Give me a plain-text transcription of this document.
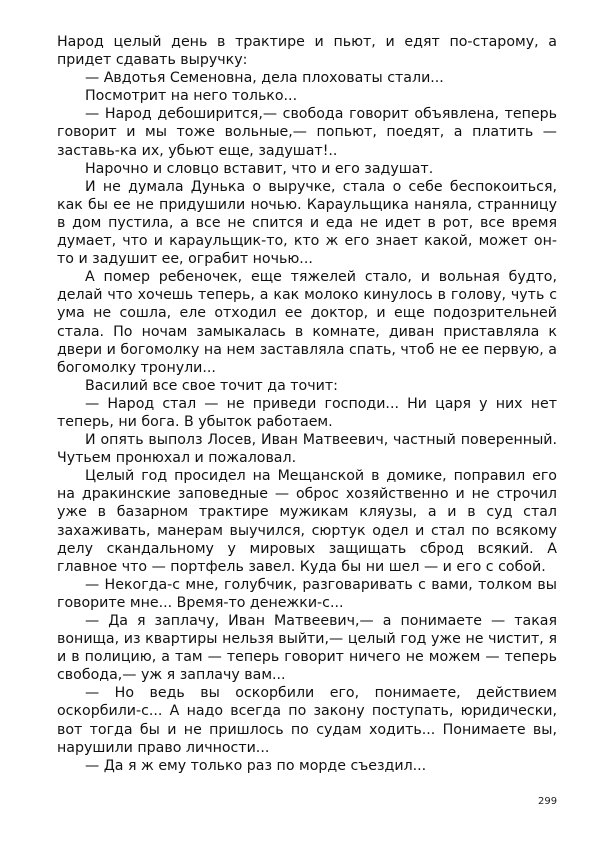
Народ целый день в трактире и пьют, и едят по-старому, а придет сдавать выручку:

— Авдотья Семеновна, дела плоховаты стали...

Посмотрит на него только...

— Народ дебоширится,— свобода говорит объявлена, теперь говорит и мы тоже вольные,— попьют, поедят, а платить — заставь-ка их, убьют еще, задушат!..

Нарочно и словцо вставит, что и его задушат.

И не думала Дунька о выручке, стала о себе беспокоиться, как бы ее не придушили ночью. Караульщика наняла, странницу в дом пустила, а все не спится и еда не идет в рот, все время думает, что и караульщик-то, кто ж его знает какой, может он-то и задушит ее, ограбит ночью...

А помер ребеночек, еще тяжелей стало, и вольная будто, делай что хочешь теперь, а как молоко кинулось в голову, чуть с ума не сошла, еле отходил ее доктор, и еще подозрительней стала. По ночам замыкалась в комнате, диван приставляла к двери и богомолку на нем заставляла спать, чтоб не ее первую, а богомолку тронули...

Василий все свое точит да точит:

— Народ стал — не приведи господи... Ни царя у них нет теперь, ни бога. В убыток работаем.

И опять выполз Лосев, Иван Матвеевич, частный поверенный. Чутьем пронюхал и пожаловал.

Целый год просидел на Мещанской в домике, поправил его на дракинские заповедные — оброс хозяйственно и не строчил уже в базарном трактире мужикам кляузы, а и в суд стал захаживать, манерам выучился, сюртук одел и стал по всякому делу скандальному у мировых защищать сброд всякий. А главное что — портфель завел. Куда бы ни шел — и его с собой.

— Некогда-с мне, голубчик, разговаривать с вами, толком вы говорите мне... Время-то денежки-с...

— Да я заплачу, Иван Матвеевич,— а понимаете — такая вонища, из квартиры нельзя выйти,— целый год уже не чистит, я и в полицию, а там — теперь говорит ничего не можем — теперь свобода,— уж я заплачу вам...

— Но ведь вы оскорбили его, понимаете, действием оскорбили-с... А надо всегда по закону поступать, юридически, вот тогда бы и не пришлось по судам ходить... Понимаете вы, нарушили право личности...

— Да я ж ему только раз по морде съездил...

299
